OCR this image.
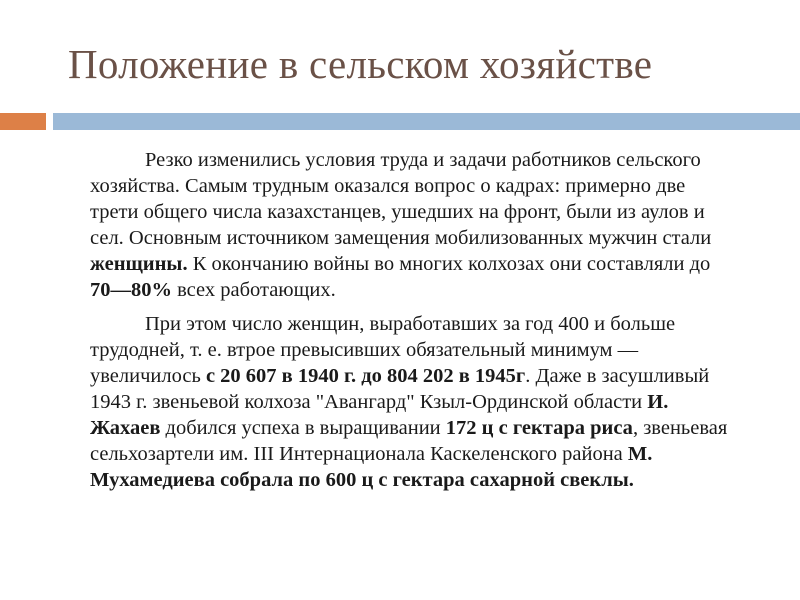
Положение в сельском хозяйстве

Резко изменились условия труда и задачи работников сельского хозяйства. Самым трудным оказался вопрос о кадрах: примерно две трети общего числа казахстанцев, ушедших на фронт, были из аулов и сел. Основным источником замещения мобилизованных мужчин стали женщины. К окончанию войны во многих колхозах они составляли до 70—80% всех работающих.

При этом число женщин, выработавших за год 400 и больше трудодней, т. е. втрое превысивших обязательный минимум — увеличилось с 20 607 в 1940 г. до 804 202 в 1945г. Даже в засушливый 1943 г. звеньевой колхоза "Авангард" Кзыл-Ординской области И. Жахаев добился успеха в выращивании 172 ц с гектара риса, звеньевая сельхозартели им. III Интернационала Каскеленского района М. Мухамедиева собрала по 600 ц с гектара сахарной свеклы.
